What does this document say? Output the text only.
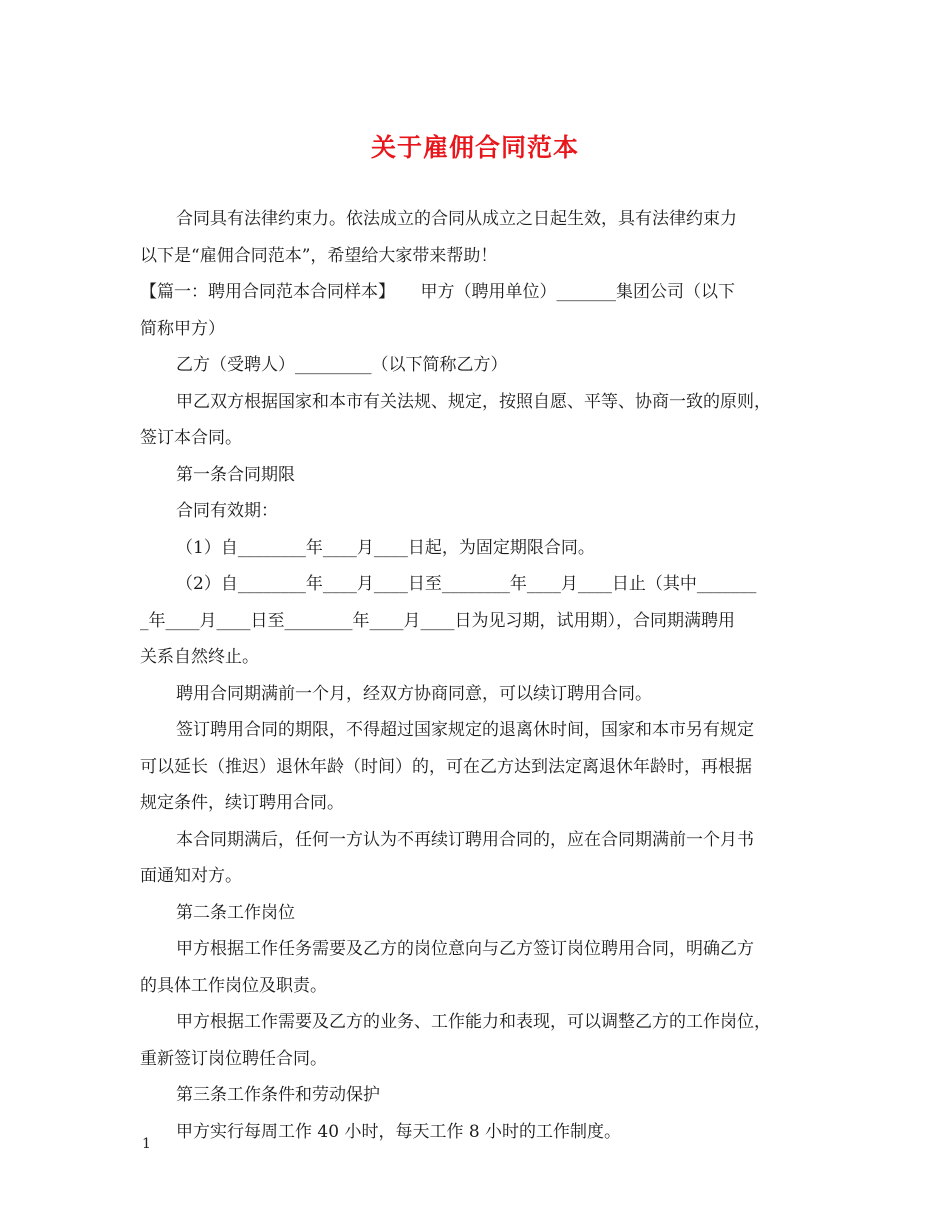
关于雇佣合同范本

合同具有法律约束力。依法成立的合同从成立之日起生效，具有法律约束力

以下是“雇佣合同范本”，希望给大家带来帮助！

【篇一：聘用合同范本合同样本】　　甲方（聘用单位）_______集团公司（以下

简称甲方）

乙方（受聘人）_________（以下简称乙方）

甲乙双方根据国家和本市有关法规、规定，按照自愿、平等、协商一致的原则，

签订本合同。

第一条合同期限

合同有效期：

（1）自________年____月____日起，为固定期限合同。

（2）自________年____月____日至________年____月____日止（其中_______

_年____月____日至________年____月____日为见习期，试用期），合同期满聘用

关系自然终止。

聘用合同期满前一个月，经双方协商同意，可以续订聘用合同。

签订聘用合同的期限，不得超过国家规定的退离休时间，国家和本市另有规定

可以延长（推迟）退休年龄（时间）的，可在乙方达到法定离退休年龄时，再根据

规定条件，续订聘用合同。

本合同期满后，任何一方认为不再续订聘用合同的，应在合同期满前一个月书

面通知对方。

第二条工作岗位

甲方根据工作任务需要及乙方的岗位意向与乙方签订岗位聘用合同，明确乙方

的具体工作岗位及职责。

甲方根据工作需要及乙方的业务、工作能力和表现，可以调整乙方的工作岗位，

重新签订岗位聘任合同。

第三条工作条件和劳动保护

甲方实行每周工作 40 小时，每天工作 8 小时的工作制度。

1
